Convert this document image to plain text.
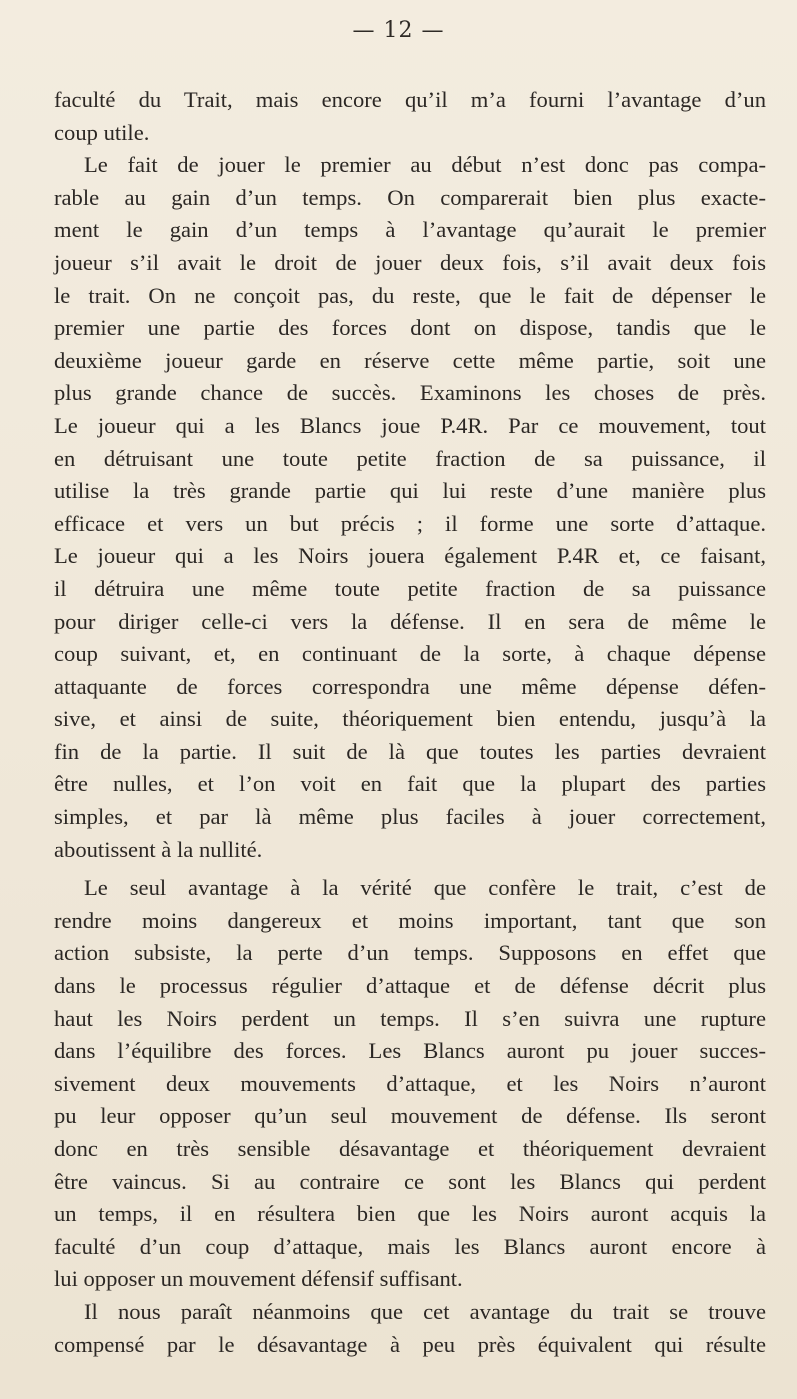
— 12 —
faculté du Trait, mais encore qu’il m’a fourni l’avantage d’un
coup utile.
Le fait de jouer le premier au début n’est donc pas compa-
rable au gain d’un temps. On comparerait bien plus exacte-
ment le gain d’un temps à l’avantage qu’aurait le premier
joueur s’il avait le droit de jouer deux fois, s’il avait deux fois
le trait. On ne conçoit pas, du reste, que le fait de dépenser le
premier une partie des forces dont on dispose, tandis que le
deuxième joueur garde en réserve cette même partie, soit une
plus grande chance de succès. Examinons les choses de près.
Le joueur qui a les Blancs joue P.4R. Par ce mouvement, tout
en détruisant une toute petite fraction de sa puissance, il
utilise la très grande partie qui lui reste d’une manière plus
efficace et vers un but précis ; il forme une sorte d’attaque.
Le joueur qui a les Noirs jouera également P.4R et, ce faisant,
il détruira une même toute petite fraction de sa puissance
pour diriger celle-ci vers la défense. Il en sera de même le
coup suivant, et, en continuant de la sorte, à chaque dépense
attaquante de forces correspondra une même dépense défen-
sive, et ainsi de suite, théoriquement bien entendu, jusqu’à la
fin de la partie. Il suit de là que toutes les parties devraient
être nulles, et l’on voit en fait que la plupart des parties
simples, et par là même plus faciles à jouer correctement,
aboutissent à la nullité.
Le seul avantage à la vérité que confère le trait, c’est de
rendre moins dangereux et moins important, tant que son
action subsiste, la perte d’un temps. Supposons en effet que
dans le processus régulier d’attaque et de défense décrit plus
haut les Noirs perdent un temps. Il s’en suivra une rupture
dans l’équilibre des forces. Les Blancs auront pu jouer succes-
sivement deux mouvements d’attaque, et les Noirs n’auront
pu leur opposer qu’un seul mouvement de défense. Ils seront
donc en très sensible désavantage et théoriquement devraient
être vaincus. Si au contraire ce sont les Blancs qui perdent
un temps, il en résultera bien que les Noirs auront acquis la
faculté d’un coup d’attaque, mais les Blancs auront encore à
lui opposer un mouvement défensif suffisant.
Il nous paraît néanmoins que cet avantage du trait se trouve
compensé par le désavantage à peu près équivalent qui résulte
